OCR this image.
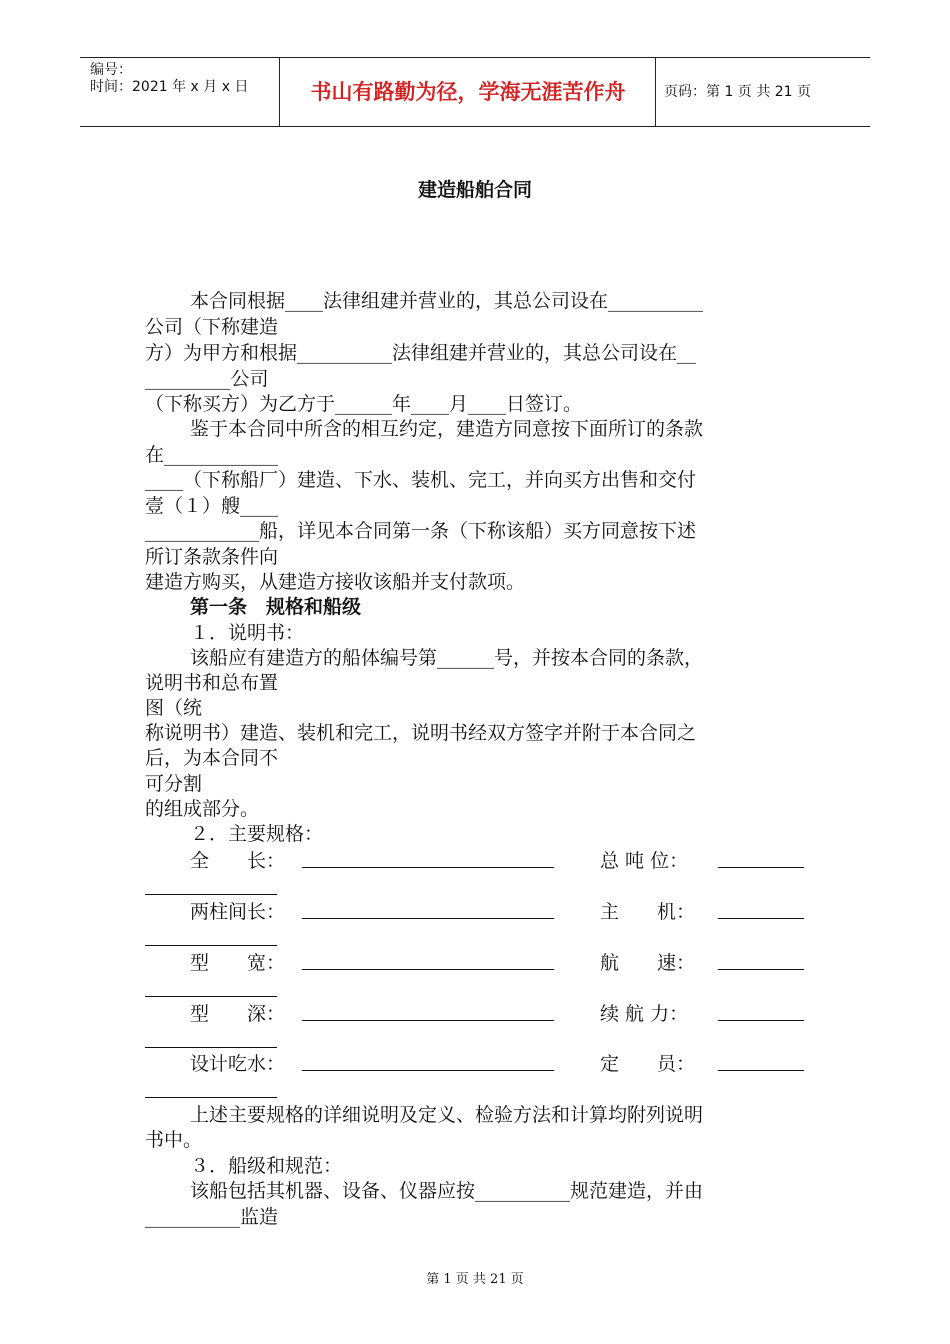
编号：
时间：2021 年 x 月 x 日	书山有路勤为径，学海无涯苦作舟	页码：第 1 页 共 21 页
建造船舶合同
本合同根据____法律组建并营业的，其总公司设在__________
公司（下称建造
方）为甲方和根据__________法律组建并营业的，其总公司设在__
_________公司
（下称买方）为乙方于______年____月____日签订。
鉴于本合同中所含的相互约定，建造方同意按下面所订的条款
在____________
____（下称船厂）建造、下水、装机、完工，并向买方出售和交付
壹（１）艘____
____________船，详见本合同第一条（下称该船）买方同意按下述
所订条款条件向
建造方购买，从建造方接收该船并支付款项。
第一条　规格和船级
１．说明书：
该船应有建造方的船体编号第______号，并按本合同的条款，
说明书和总布置
图（统
称说明书）建造、装机和完工，说明书经双方签字并附于本合同之
后，为本合同不
可分割
的组成部分。
２．主要规格：
全　　长：	总 吨 位：
两柱间长：	主　　机：
型　　宽：	航　　速：
型　　深：	续 航 力：
设计吃水：	定　　员：
上述主要规格的详细说明及定义、检验方法和计算均附列说明
书中。
３．船级和规范：
该船包括其机器、设备、仪器应按__________规范建造，并由
__________监造
第 1 页 共 21 页
